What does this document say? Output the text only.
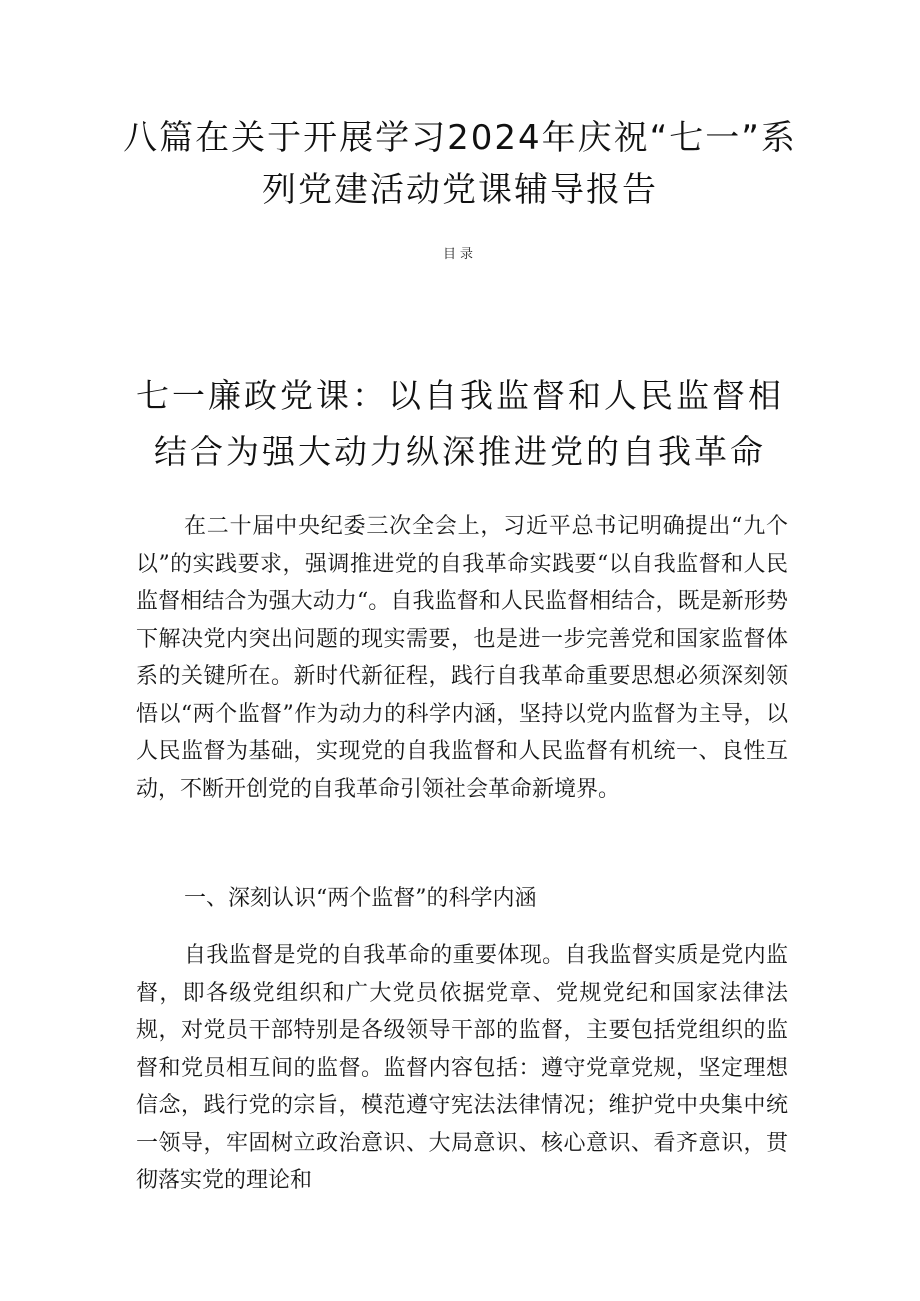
八篇在关于开展学习2024年庆祝“七一”系列党建活动党课辅导报告
目录
七一廉政党课：以自我监督和人民监督相结合为强大动力纵深推进党的自我革命

在二十届中央纪委三次全会上，习近平总书记明确提出“九个以”的实践要求，强调推进党的自我革命实践要“以自我监督和人民监督相结合为强大动力“。自我监督和人民监督相结合，既是新形势下解决党内突出问题的现实需要，也是进一步完善党和国家监督体系的关键所在。新时代新征程，践行自我革命重要思想必须深刻领悟以“两个监督”作为动力的科学内涵，坚持以党内监督为主导，以人民监督为基础，实现党的自我监督和人民监督有机统一、良性互动，不断开创党的自我革命引领社会革命新境界。

一、深刻认识“两个监督”的科学内涵

自我监督是党的自我革命的重要体现。自我监督实质是党内监督，即各级党组织和广大党员依据党章、党规党纪和国家法律法规，对党员干部特别是各级领导干部的监督，主要包括党组织的监督和党员相互间的监督。监督内容包括：遵守党章党规，坚定理想信念，践行党的宗旨，模范遵守宪法法律情况；维护党中央集中统一领导，牢固树立政治意识、大局意识、核心意识、看齐意识，贯彻落实党的理论和
